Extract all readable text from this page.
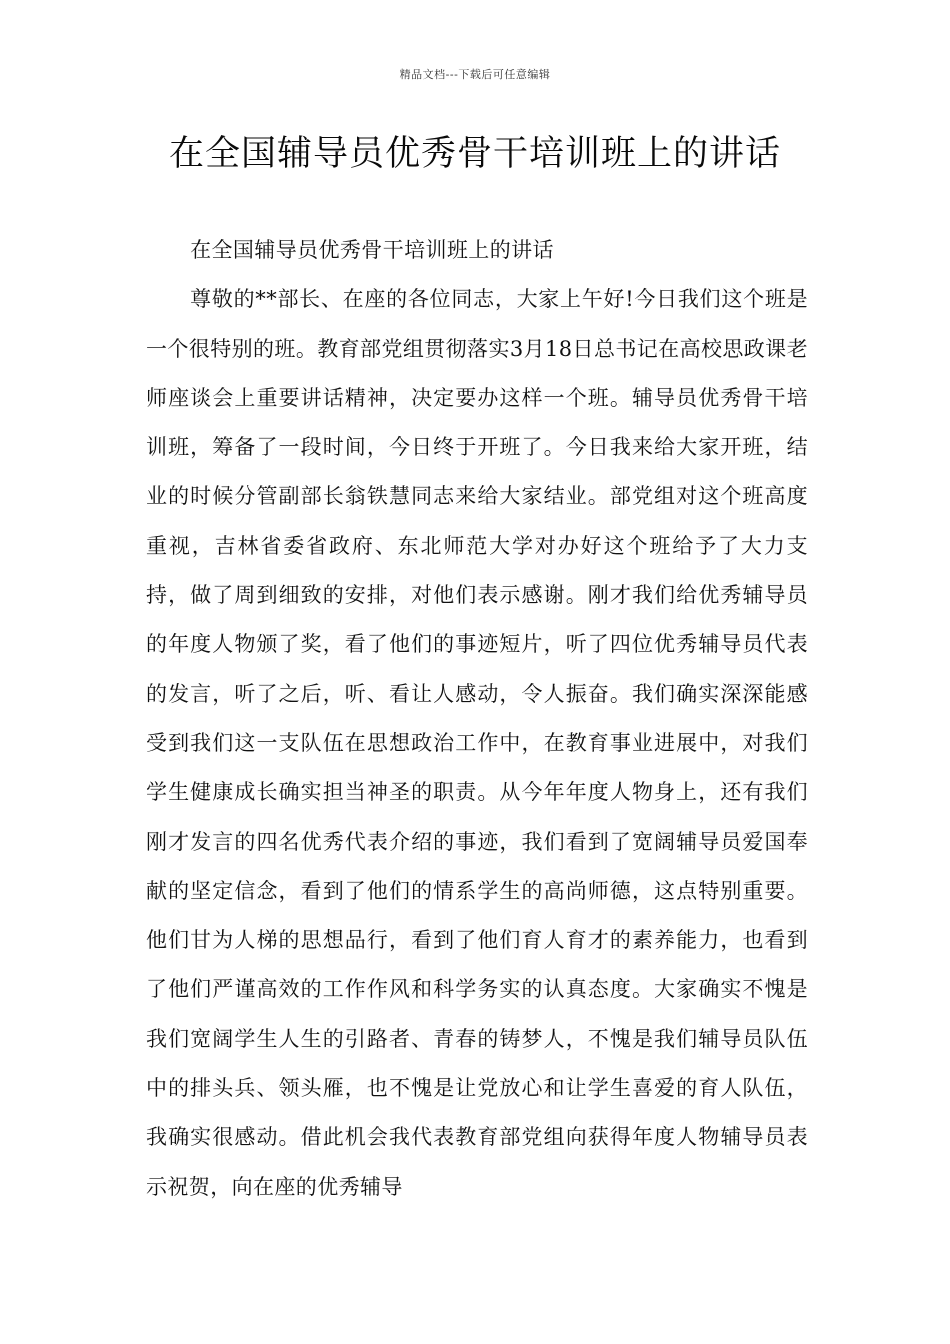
精品文档---下载后可任意编辑
在全国辅导员优秀骨干培训班上的讲话

在全国辅导员优秀骨干培训班上的讲话

尊敬的**部长、在座的各位同志，大家上午好!今日我们这个班是一个很特别的班。教育部党组贯彻落实3月18日总书记在高校思政课老师座谈会上重要讲话精神，决定要办这样一个班。辅导员优秀骨干培训班，筹备了一段时间，今日终于开班了。今日我来给大家开班，结业的时候分管副部长翁铁慧同志来给大家结业。部党组对这个班高度重视，吉林省委省政府、东北师范大学对办好这个班给予了大力支持，做了周到细致的安排，对他们表示感谢。刚才我们给优秀辅导员的年度人物颁了奖，看了他们的事迹短片，听了四位优秀辅导员代表的发言，听了之后，听、看让人感动，令人振奋。我们确实深深能感受到我们这一支队伍在思想政治工作中，在教育事业进展中，对我们学生健康成长确实担当神圣的职责。从今年年度人物身上，还有我们刚才发言的四名优秀代表介绍的事迹，我们看到了宽阔辅导员爱国奉献的坚定信念，看到了他们的情系学生的高尚师德，这点特别重要。他们甘为人梯的思想品行，看到了他们育人育才的素养能力，也看到了他们严谨高效的工作作风和科学务实的认真态度。大家确实不愧是我们宽阔学生人生的引路者、青春的铸梦人，不愧是我们辅导员队伍中的排头兵、领头雁，也不愧是让党放心和让学生喜爱的育人队伍，我确实很感动。借此机会我代表教育部党组向获得年度人物辅导员表示祝贺，向在座的优秀辅导
